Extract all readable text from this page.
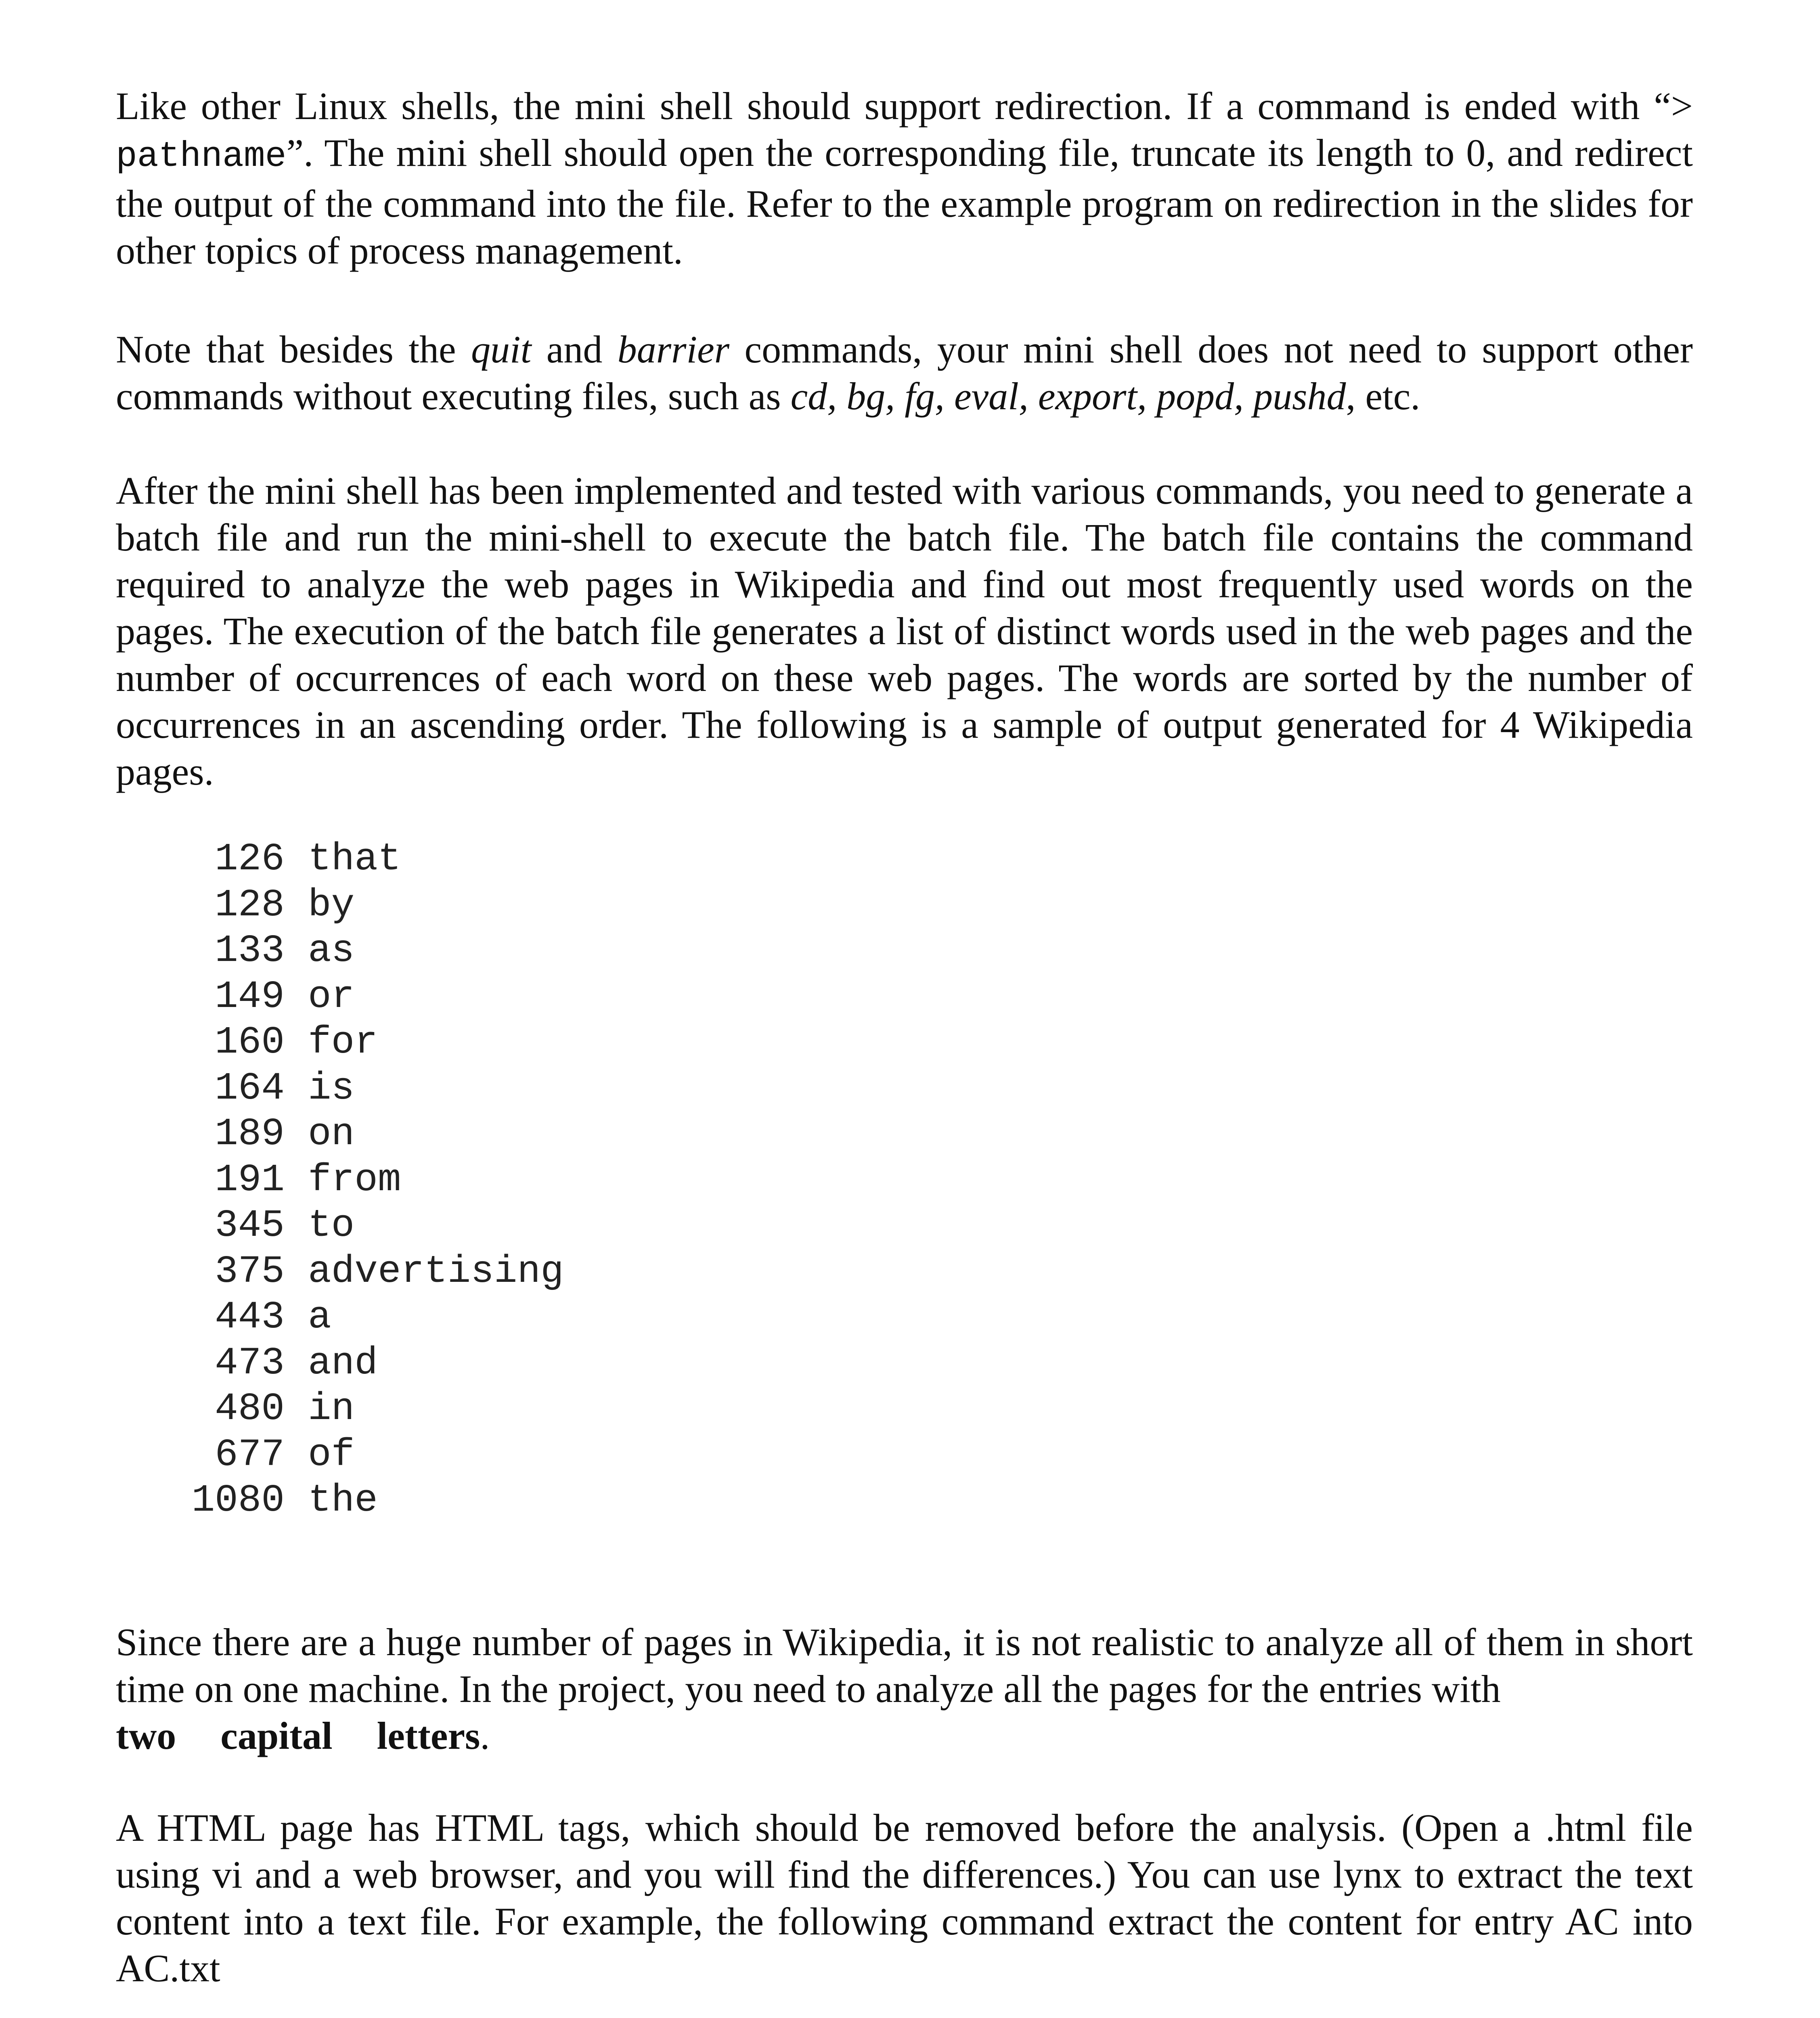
Like other Linux shells, the mini shell should support redirection. If a command is ended with “> pathname”. The mini shell should open the corresponding file, truncate its length to 0, and redirect the output of the command into the file. Refer to the example program on redirection in the slides for other topics of process management.
Note that besides the quit and barrier commands, your mini shell does not need to support other commands without executing files, such as cd, bg, fg, eval, export, popd, pushd, etc.
After the mini shell has been implemented and tested with various commands, you need to generate a batch file and run the mini-shell to execute the batch file. The batch file contains the command required to analyze the web pages in Wikipedia and find out most frequently used words on the pages. The execution of the batch file generates a list of distinct words used in the web pages and the number of occurrences of each word on these web pages. The words are sorted by the number of occurrences in an ascending order. The following is a sample of output generated for 4 Wikipedia pages.
126 that
128 by
133 as
149 or
160 for
164 is
189 on
191 from
345 to
375 advertising
443 a
473 and
480 in
677 of
1080 the
Since there are a huge number of pages in Wikipedia, it is not realistic to analyze all of them in short time on one machine. In the project, you need to analyze all the pages for the entries with
two capital letters.
A HTML page has HTML tags, which should be removed before the analysis. (Open a .html file using vi and a web browser, and you will find the differences.) You can use lynx to extract the text content into a text file. For example, the following command extract the content for entry AC into AC.txt
